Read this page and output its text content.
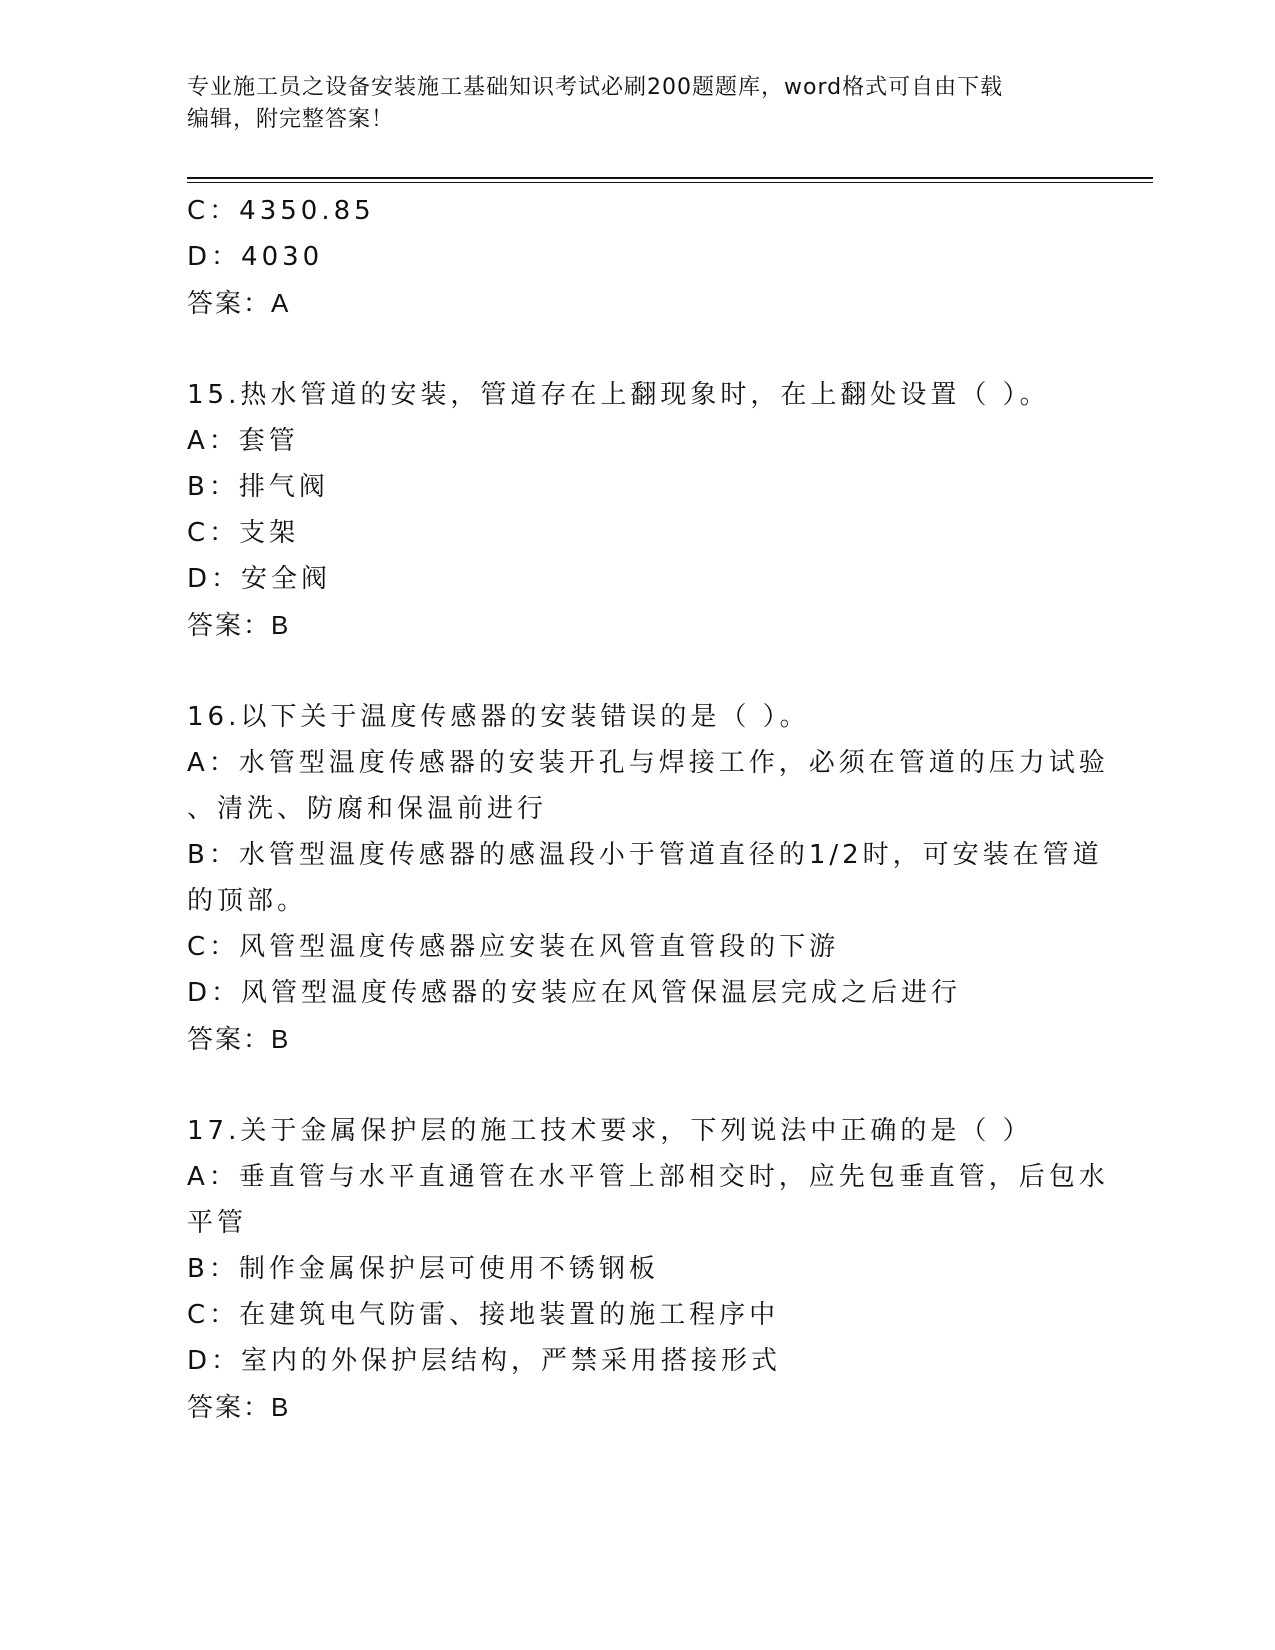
专业施工员之设备安装施工基础知识考试必刷200题题库，word格式可自由下载
编辑，附完整答案！
C：4350.85
D：4030
答案：A
15.热水管道的安装，管道存在上翻现象时，在上翻处设置（ ）。
A：套管
B：排气阀
C：支架
D：安全阀
答案：B
16.以下关于温度传感器的安装错误的是（ ）。
A：水管型温度传感器的安装开孔与焊接工作，必须在管道的压力试验
、清洗、防腐和保温前进行
B：水管型温度传感器的感温段小于管道直径的1/2时，可安装在管道
的顶部。
C：风管型温度传感器应安装在风管直管段的下游
D：风管型温度传感器的安装应在风管保温层完成之后进行
答案：B
17.关于金属保护层的施工技术要求，下列说法中正确的是（ ）
A：垂直管与水平直通管在水平管上部相交时，应先包垂直管，后包水
平管
B：制作金属保护层可使用不锈钢板
C：在建筑电气防雷、接地装置的施工程序中
D：室内的外保护层结构，严禁采用搭接形式
答案：B
